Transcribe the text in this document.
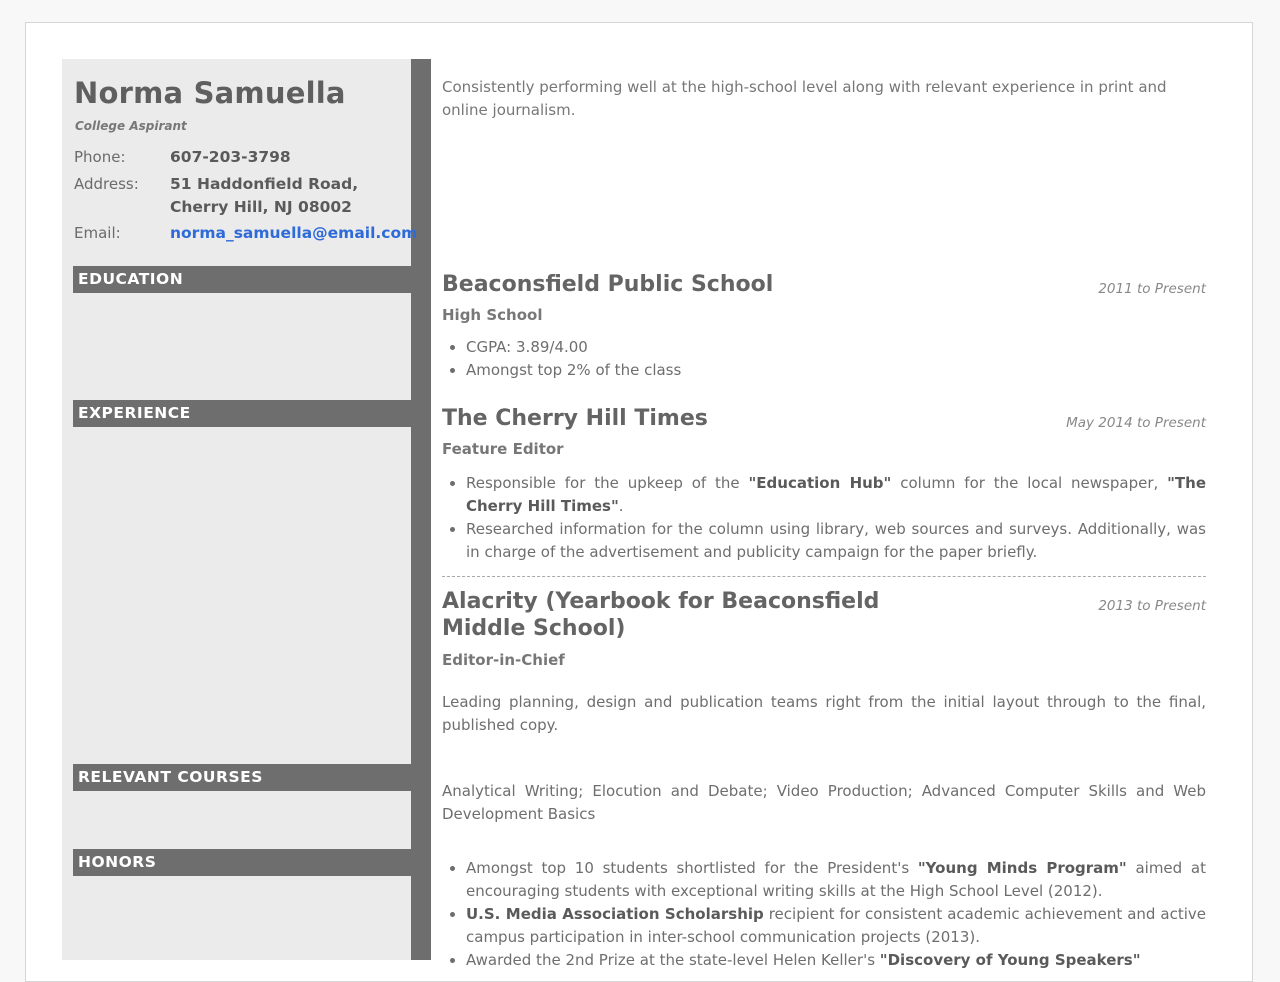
Norma Samuella
College Aspirant
Phone:	607-203-3798
Address: 51 Haddonfield Road,
Cherry Hill, NJ 08002
Email:	norma_samuella@email.com
EDUCATION
EXPERIENCE
RELEVANT COURSES
HONORS
Consistently performing well at the high-school level along with relevant experience in print and online journalism.
2011 to Present
Beaconsfield Public School
High School
• CGPA: 3.89/4.00
• Amongst top 2% of the class
May 2014 to Present
The Cherry Hill Times
Feature Editor
• Responsible for the upkeep of the "Education Hub" column for the local newspaper, "The Cherry Hill Times".
• Researched information for the column using library, web sources and surveys. Additionally, was in charge of the advertisement and publicity campaign for the paper briefly.
2013 to Present
Alacrity (Yearbook for Beaconsfield Middle School)
Editor-in-Chief
Leading planning, design and publication teams right from the initial layout through to the final, published copy.
Analytical Writing; Elocution and Debate; Video Production; Advanced Computer Skills and Web Development Basics
• Amongst top 10 students shortlisted for the President's "Young Minds Program" aimed at encouraging students with exceptional writing skills at the High School Level (2012).
• U.S. Media Association Scholarship recipient for consistent academic achievement and active campus participation in inter-school communication projects (2013).
• Awarded the 2nd Prize at the state-level Helen Keller's "Discovery of Young Speakers"
